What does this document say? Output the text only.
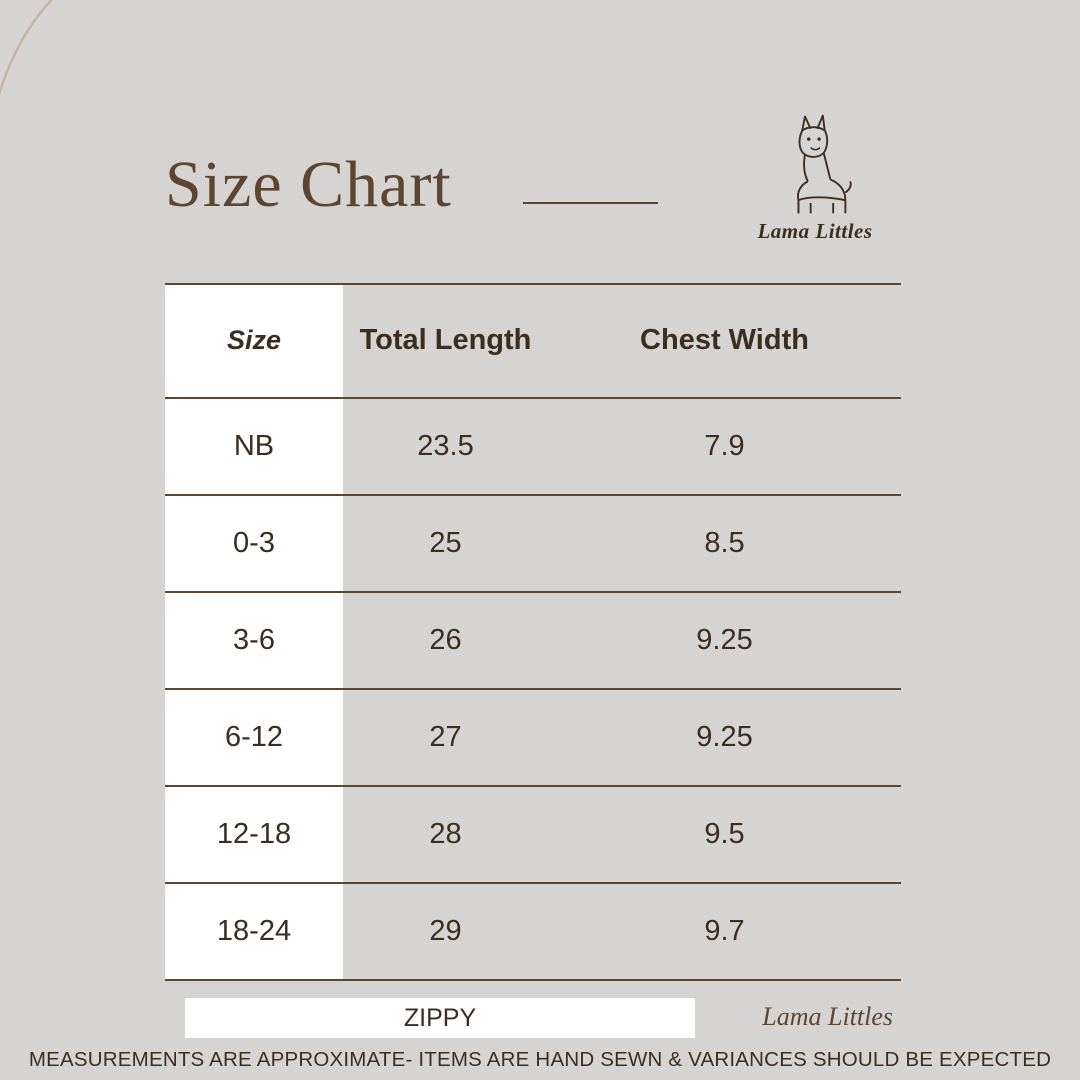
Size Chart
Lama Littles
Size	Total Length	Chest Width
NB	23.5	7.9
0-3	25	8.5
3-6	26	9.25
6-12	27	9.25
12-18	28	9.5
18-24	29	9.7
ZIPPY	Lama Littles
MEASUREMENTS ARE APPROXIMATE- ITEMS ARE HAND SEWN & VARIANCES SHOULD BE EXPECTED
